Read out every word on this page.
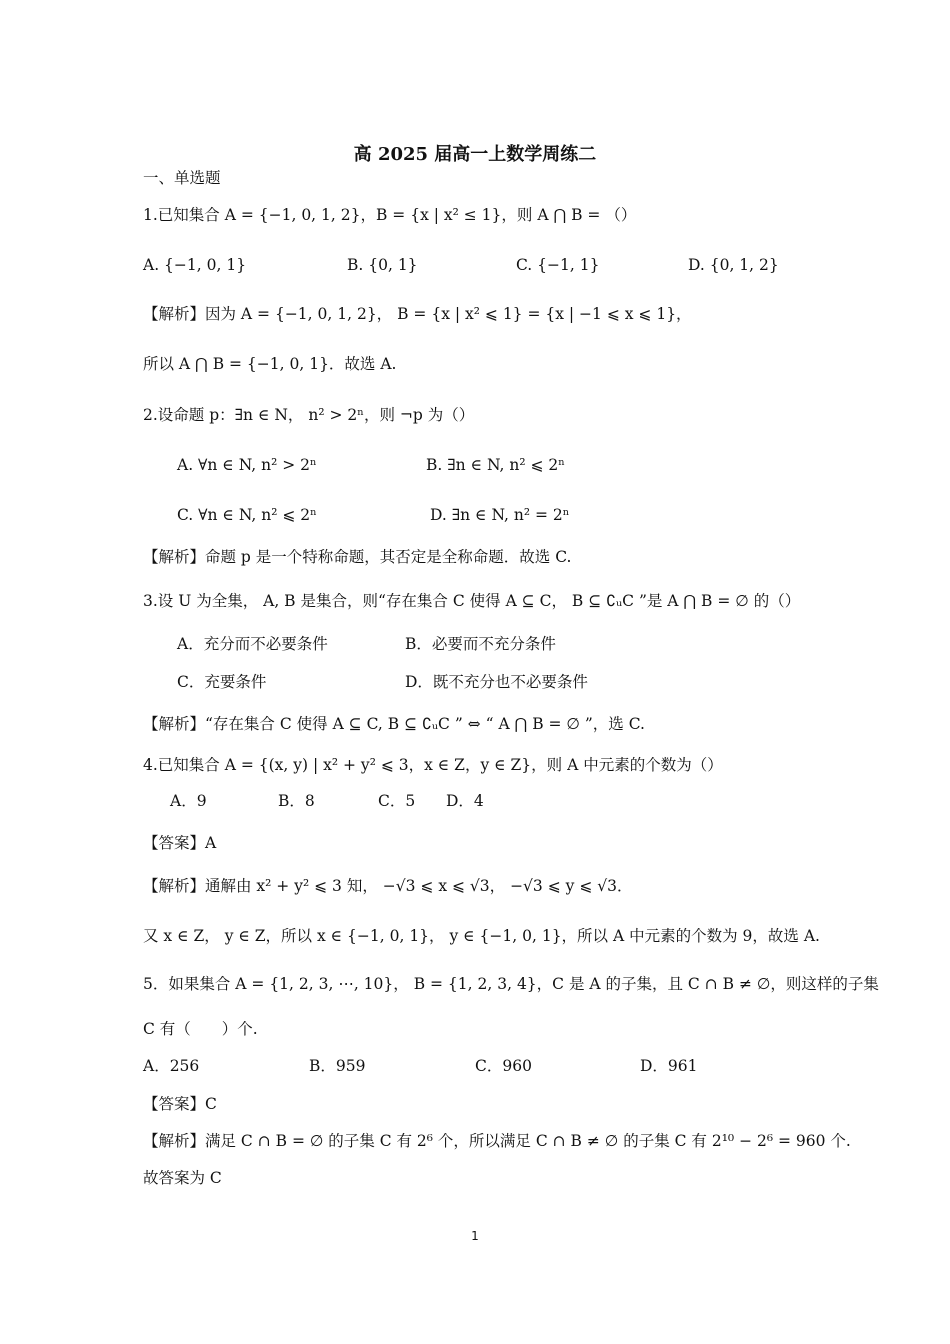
高 2025 届高一上数学周练二
一、单选题
1.已知集合 A = {−1, 0, 1, 2}，B = {x | x² ≤ 1}，则 A ⋂ B = （）
A. {−1, 0, 1}	B. {0, 1}	C. {−1, 1}	D. {0, 1, 2}
【解析】因为 A = {−1, 0, 1, 2}， B = {x | x² ⩽ 1} = {x | −1 ⩽ x ⩽ 1}，
所以 A ⋂ B = {−1, 0, 1}．故选 A.
2.设命题 p：∃n ∈ N， n² > 2ⁿ，则 ¬p 为（）
A. ∀n ∈ N, n² > 2ⁿ	B. ∃n ∈ N, n² ⩽ 2ⁿ
C. ∀n ∈ N, n² ⩽ 2ⁿ	D. ∃n ∈ N, n² = 2ⁿ
【解析】命题 p 是一个特称命题，其否定是全称命题．故选 C.
3.设 U 为全集， A, B 是集合，则“存在集合 C 使得 A ⊆ C， B ⊆ ∁ᵤC ”是 A ⋂ B = ∅ 的（）
A．充分而不必要条件	B．必要而不充分条件
C．充要条件	D．既不充分也不必要条件
【解析】“存在集合 C 使得 A ⊆ C, B ⊆ ∁ᵤC ” ⇔ “ A ⋂ B = ∅ ”，选 C.
4.已知集合 A = {(x, y) | x² + y² ⩽ 3，x ∈ Z，y ∈ Z}，则 A 中元素的个数为（）
A．9	B．8	C．5 D．4
【答案】A
【解析】通解由 x² + y² ⩽ 3 知， −√3 ⩽ x ⩽ √3， −√3 ⩽ y ⩽ √3．
又 x ∈ Z， y ∈ Z，所以 x ∈ {−1, 0, 1}， y ∈ {−1, 0, 1}，所以 A 中元素的个数为 9，故选 A.
5．如果集合 A = {1, 2, 3, ⋯, 10}， B = {1, 2, 3, 4}，C 是 A 的子集，且 C ∩ B ≠ ∅，则这样的子集
C 有（　　）个.
A．256	B．959	C．960	D．961
【答案】C
【解析】满足 C ∩ B = ∅ 的子集 C 有 2⁶ 个，所以满足 C ∩ B ≠ ∅ 的子集 C 有 2¹⁰ − 2⁶ = 960 个.
故答案为 C
1
